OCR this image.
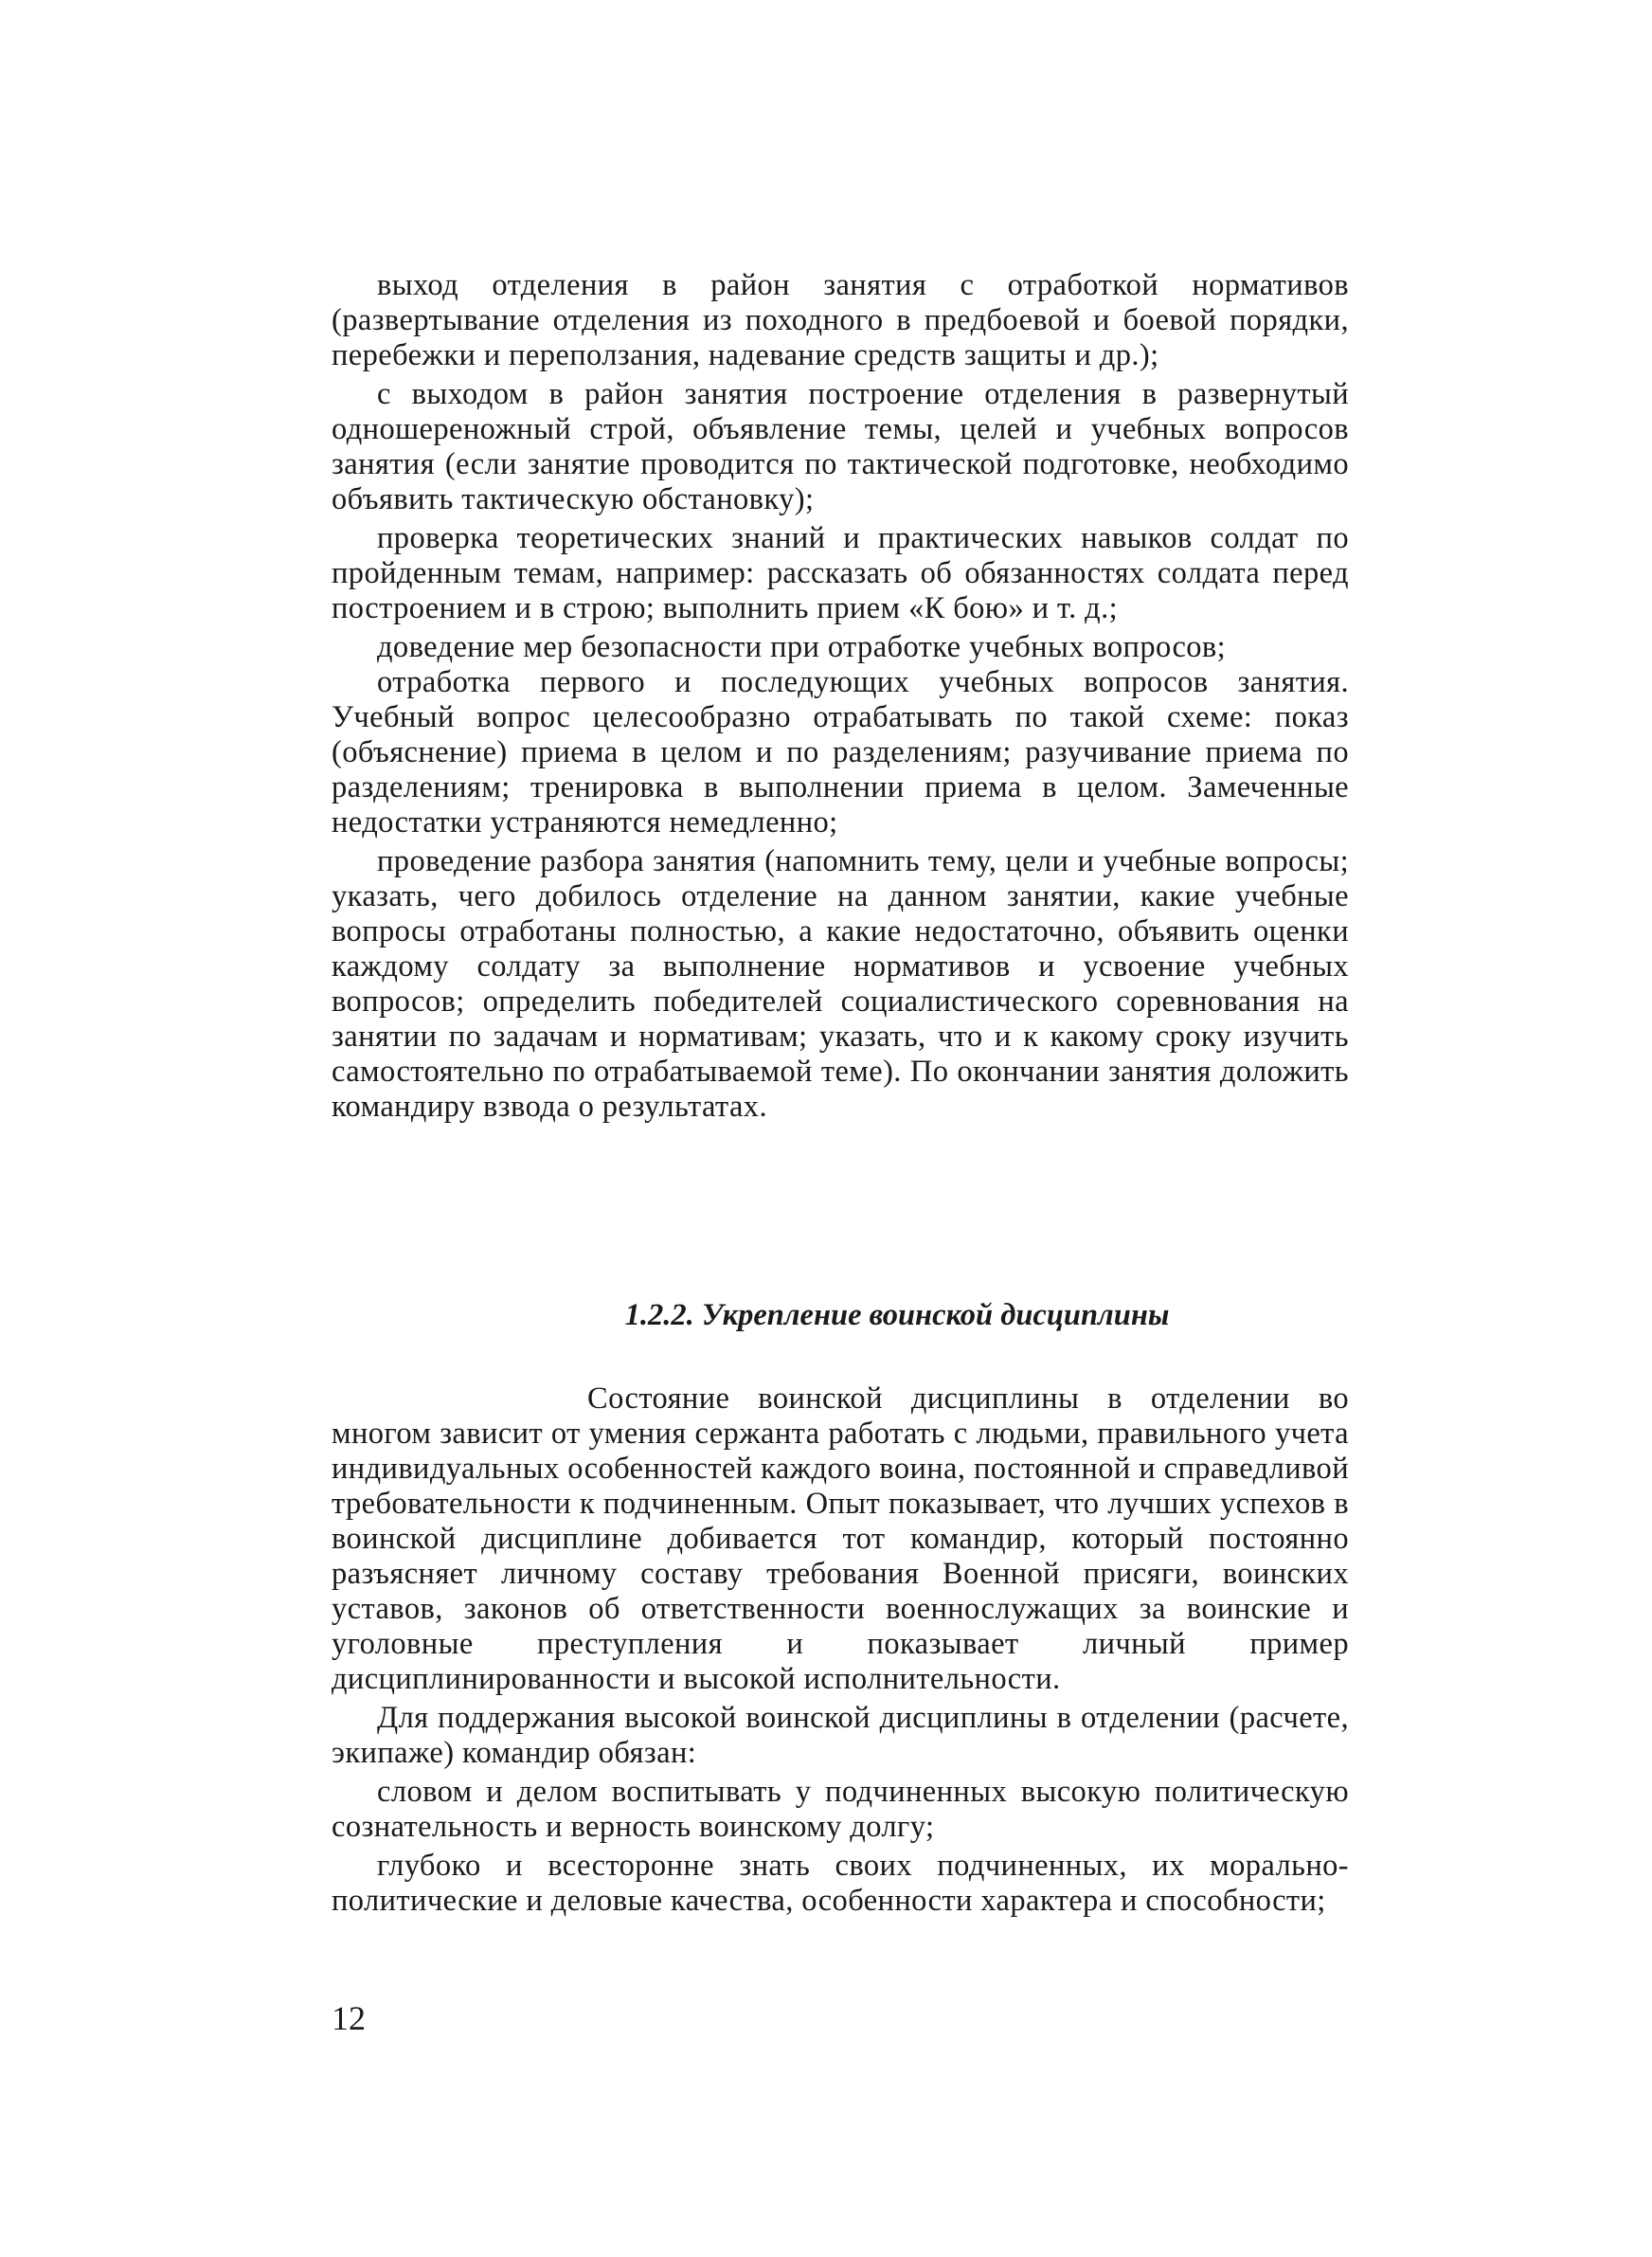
выход отделения в район занятия с отработкой нормативов (развертывание отделения из походного в предбоевой и боевой порядки, перебежки и переползания, надевание средств защиты и др.);

с выходом в район занятия построение отделения в развернутый одношереножный строй, объявление темы, целей и учебных вопросов занятия (если занятие проводится по тактической подготовке, необходимо объявить тактическую обстановку);

проверка теоретических знаний и практических навыков солдат по пройденным темам, например: рассказать об обязанностях солдата перед построением и в строю; выполнить прием «К бою» и т. д.;

доведение мер безопасности при отработке учебных вопросов;

отработка первого и последующих учебных вопросов занятия. Учебный вопрос целесообразно отрабатывать по такой схеме: показ (объяснение) приема в целом и по разделениям; разучивание приема по разделениям; тренировка в выполнении приема в целом. Замеченные недостатки устраняются немедленно;

проведение разбора занятия (напомнить тему, цели и учебные вопросы; указать, чего добилось отделение на данном занятии, какие учебные вопросы отработаны полностью, а какие недостаточно, объявить оценки каждому солдату за выполнение нормативов и усвоение учебных вопросов; определить победителей социалистического соревнования на занятии по задачам и нормативам; указать, что и к какому сроку изучить самостоятельно по отрабатываемой теме). По окончании занятия доложить командиру взвода о результатах.

1.2.2. Укрепление воинской дисциплины

Состояние воинской дисциплины в отделении во многом зависит от умения сержанта работать с людьми, правильного учета индивидуальных особенностей каждого воина, постоянной и справедливой требовательности к подчиненным. Опыт показывает, что лучших успехов в воинской дисциплине добивается тот командир, который постоянно разъясняет личному составу требования Военной присяги, воинских уставов, законов об ответственности военнослужащих за воинские и уголовные преступления и показывает личный пример дисциплинированности и высокой исполнительности.

Для поддержания высокой воинской дисциплины в отделении (расчете, экипаже) командир обязан:

словом и делом воспитывать у подчиненных высокую политическую сознательность и верность воинскому долгу;

глубоко и всесторонне знать своих подчиненных, их морально-политические и деловые качества, особенности характера и способности;

12
